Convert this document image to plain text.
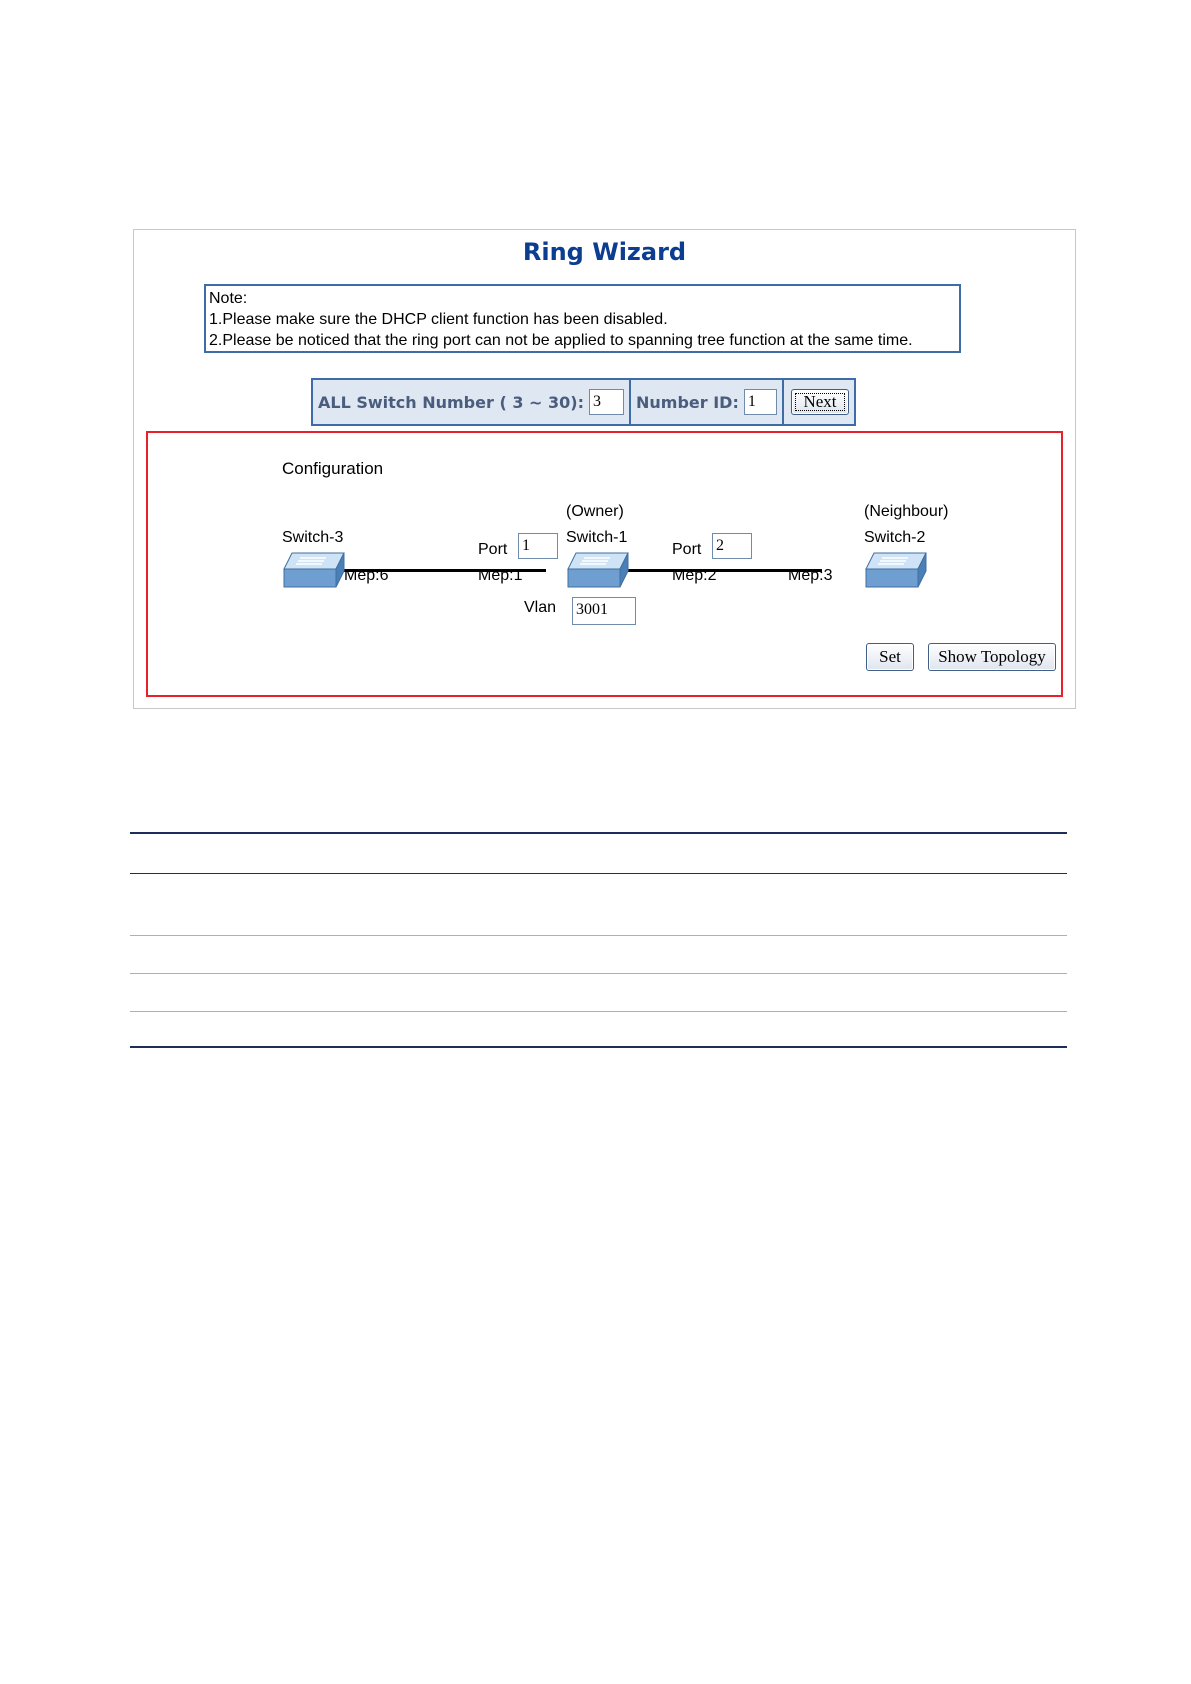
Ring Wizard
Note:
1.Please make sure the DHCP client function has been disabled.
2.Please be noticed that the ring port can not be applied to spanning tree function at the same time.
ALL Switch Number ( 3 ~ 30): 3	Number ID: 1	Next
Configuration
Switch-3
Mep:6
Port 1
Mep:1
(Owner)
Switch-1
Vlan 3001
Port 2
Mep:2	Mep:3
(Neighbour)
Switch-2
Set	Show Topology
